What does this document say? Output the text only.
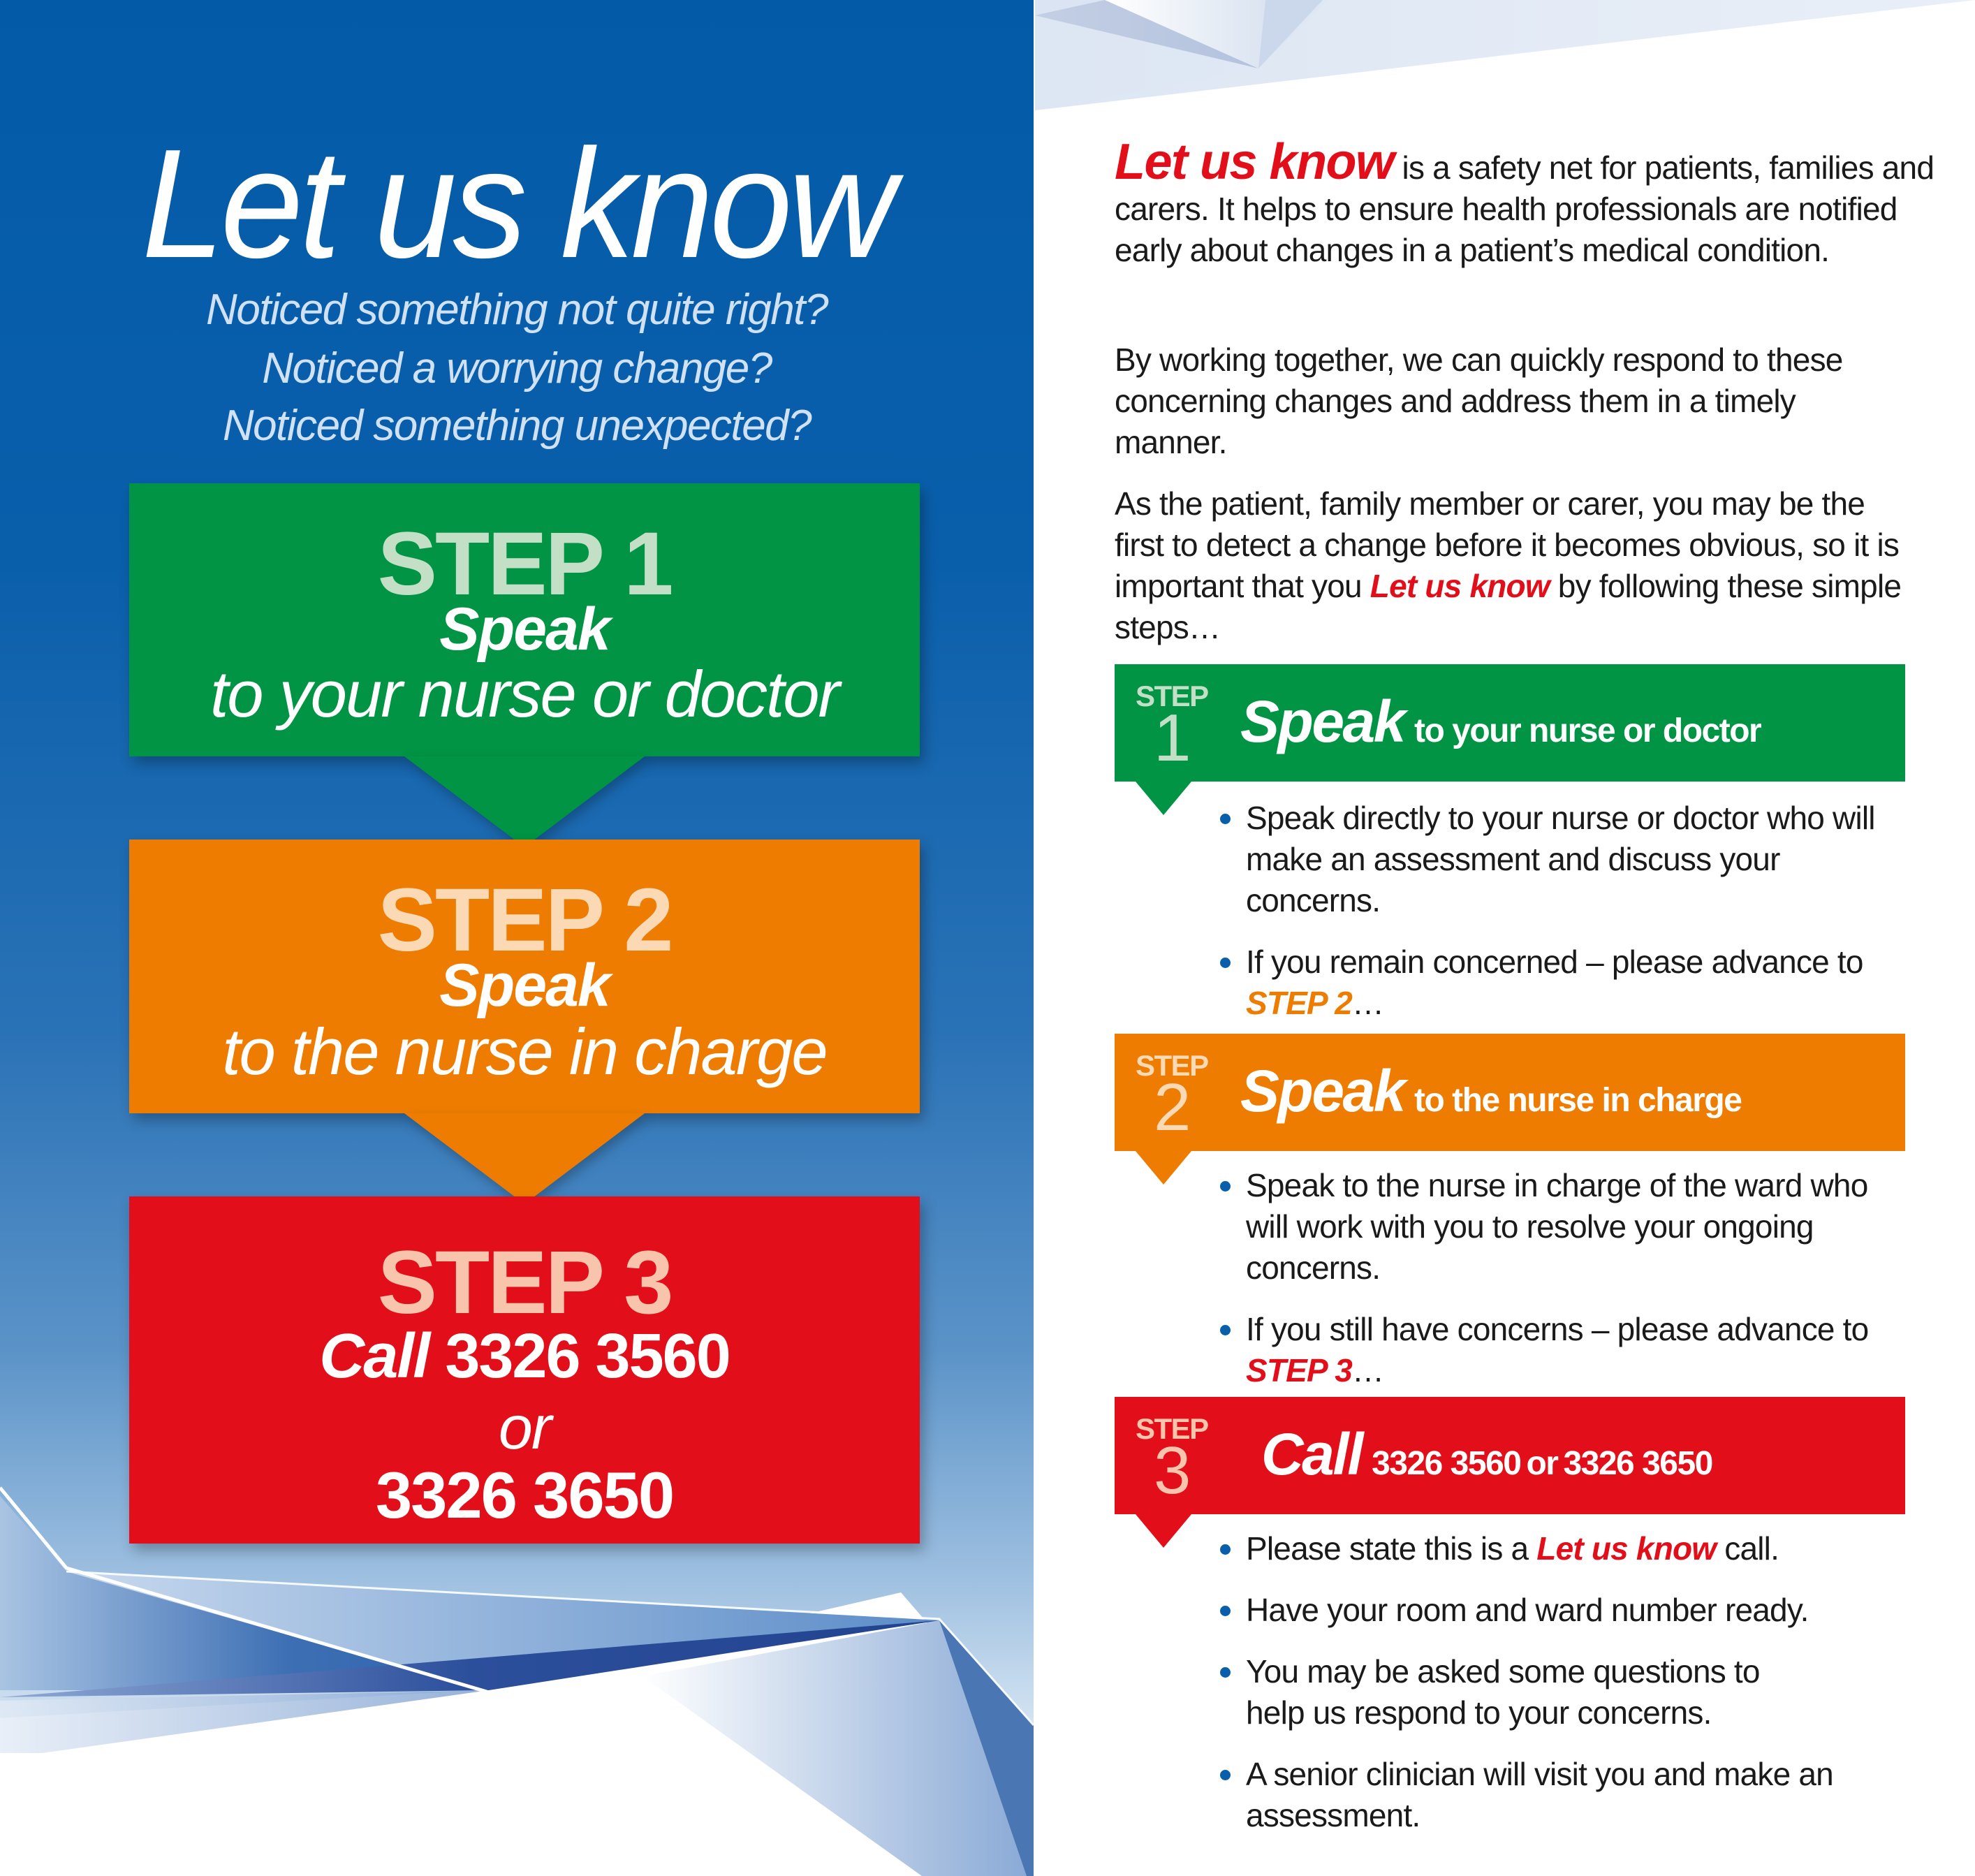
Let us know
Noticed something not quite right?
Noticed a worrying change?
Noticed something unexpected?
STEP 1
Speak
to your nurse or doctor
STEP 2
Speak
to the nurse in charge
STEP 3
Call 3326 3560
or
3326 3650

Let us know is a safety net for patients, families and carers. It helps to ensure health professionals are notified early about changes in a patient’s medical condition.

By working together, we can quickly respond to these concerning changes and address them in a timely manner.

As the patient, family member or carer, you may be the first to detect a change before it becomes obvious, so it is important that you Let us know by following these simple steps…

STEP
1 Speak to your nurse or doctor
Speak directly to your nurse or doctor who will make an assessment and discuss your concerns.
If you remain concerned – please advance to STEP 2…
STEP
2 Speak to the nurse in charge
Speak to the nurse in charge of the ward who will work with you to resolve your ongoing concerns.
If you still have concerns – please advance to STEP 3…
STEP
3 Call 3326 3560 or 3326 3650
Please state this is a Let us know call.
Have your room and ward number ready.
You may be asked some questions to help us respond to your concerns.
A senior clinician will visit you and make an assessment.
